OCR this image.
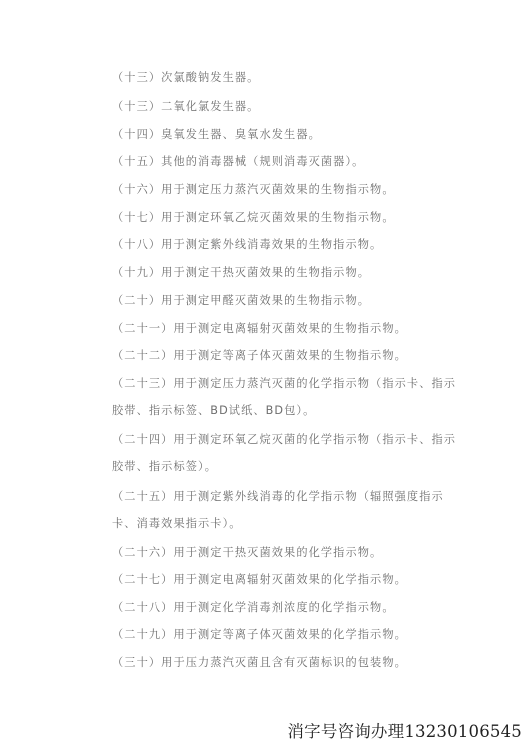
（十三）次氯酸钠发生器。
（十三）二氧化氯发生器。
（十四）臭氧发生器、臭氧水发生器。
（十五）其他的消毒器械（规则消毒灭菌器）。
（十六）用于测定压力蒸汽灭菌效果的生物指示物。
（十七）用于测定环氧乙烷灭菌效果的生物指示物。
（十八）用于测定紫外线消毒效果的生物指示物。
（十九）用于测定干热灭菌效果的生物指示物。
（二十）用于测定甲醛灭菌效果的生物指示物。
（二十一）用于测定电离辐射灭菌效果的生物指示物。
（二十二）用于测定等离子体灭菌效果的生物指示物。
（二十三）用于测定压力蒸汽灭菌的化学指示物（指示卡、指示胶带、指示标签、BD试纸、BD包）。
（二十四）用于测定环氧乙烷灭菌的化学指示物（指示卡、指示胶带、指示标签）。
（二十五）用于测定紫外线消毒的化学指示物（辐照强度指示卡、消毒效果指示卡）。
（二十六）用于测定干热灭菌效果的化学指示物。
（二十七）用于测定电离辐射灭菌效果的化学指示物。
（二十八）用于测定化学消毒剂浓度的化学指示物。
（二十九）用于测定等离子体灭菌效果的化学指示物。
（三十）用于压力蒸汽灭菌且含有灭菌标识的包装物。
消字号咨询办理13230106545
